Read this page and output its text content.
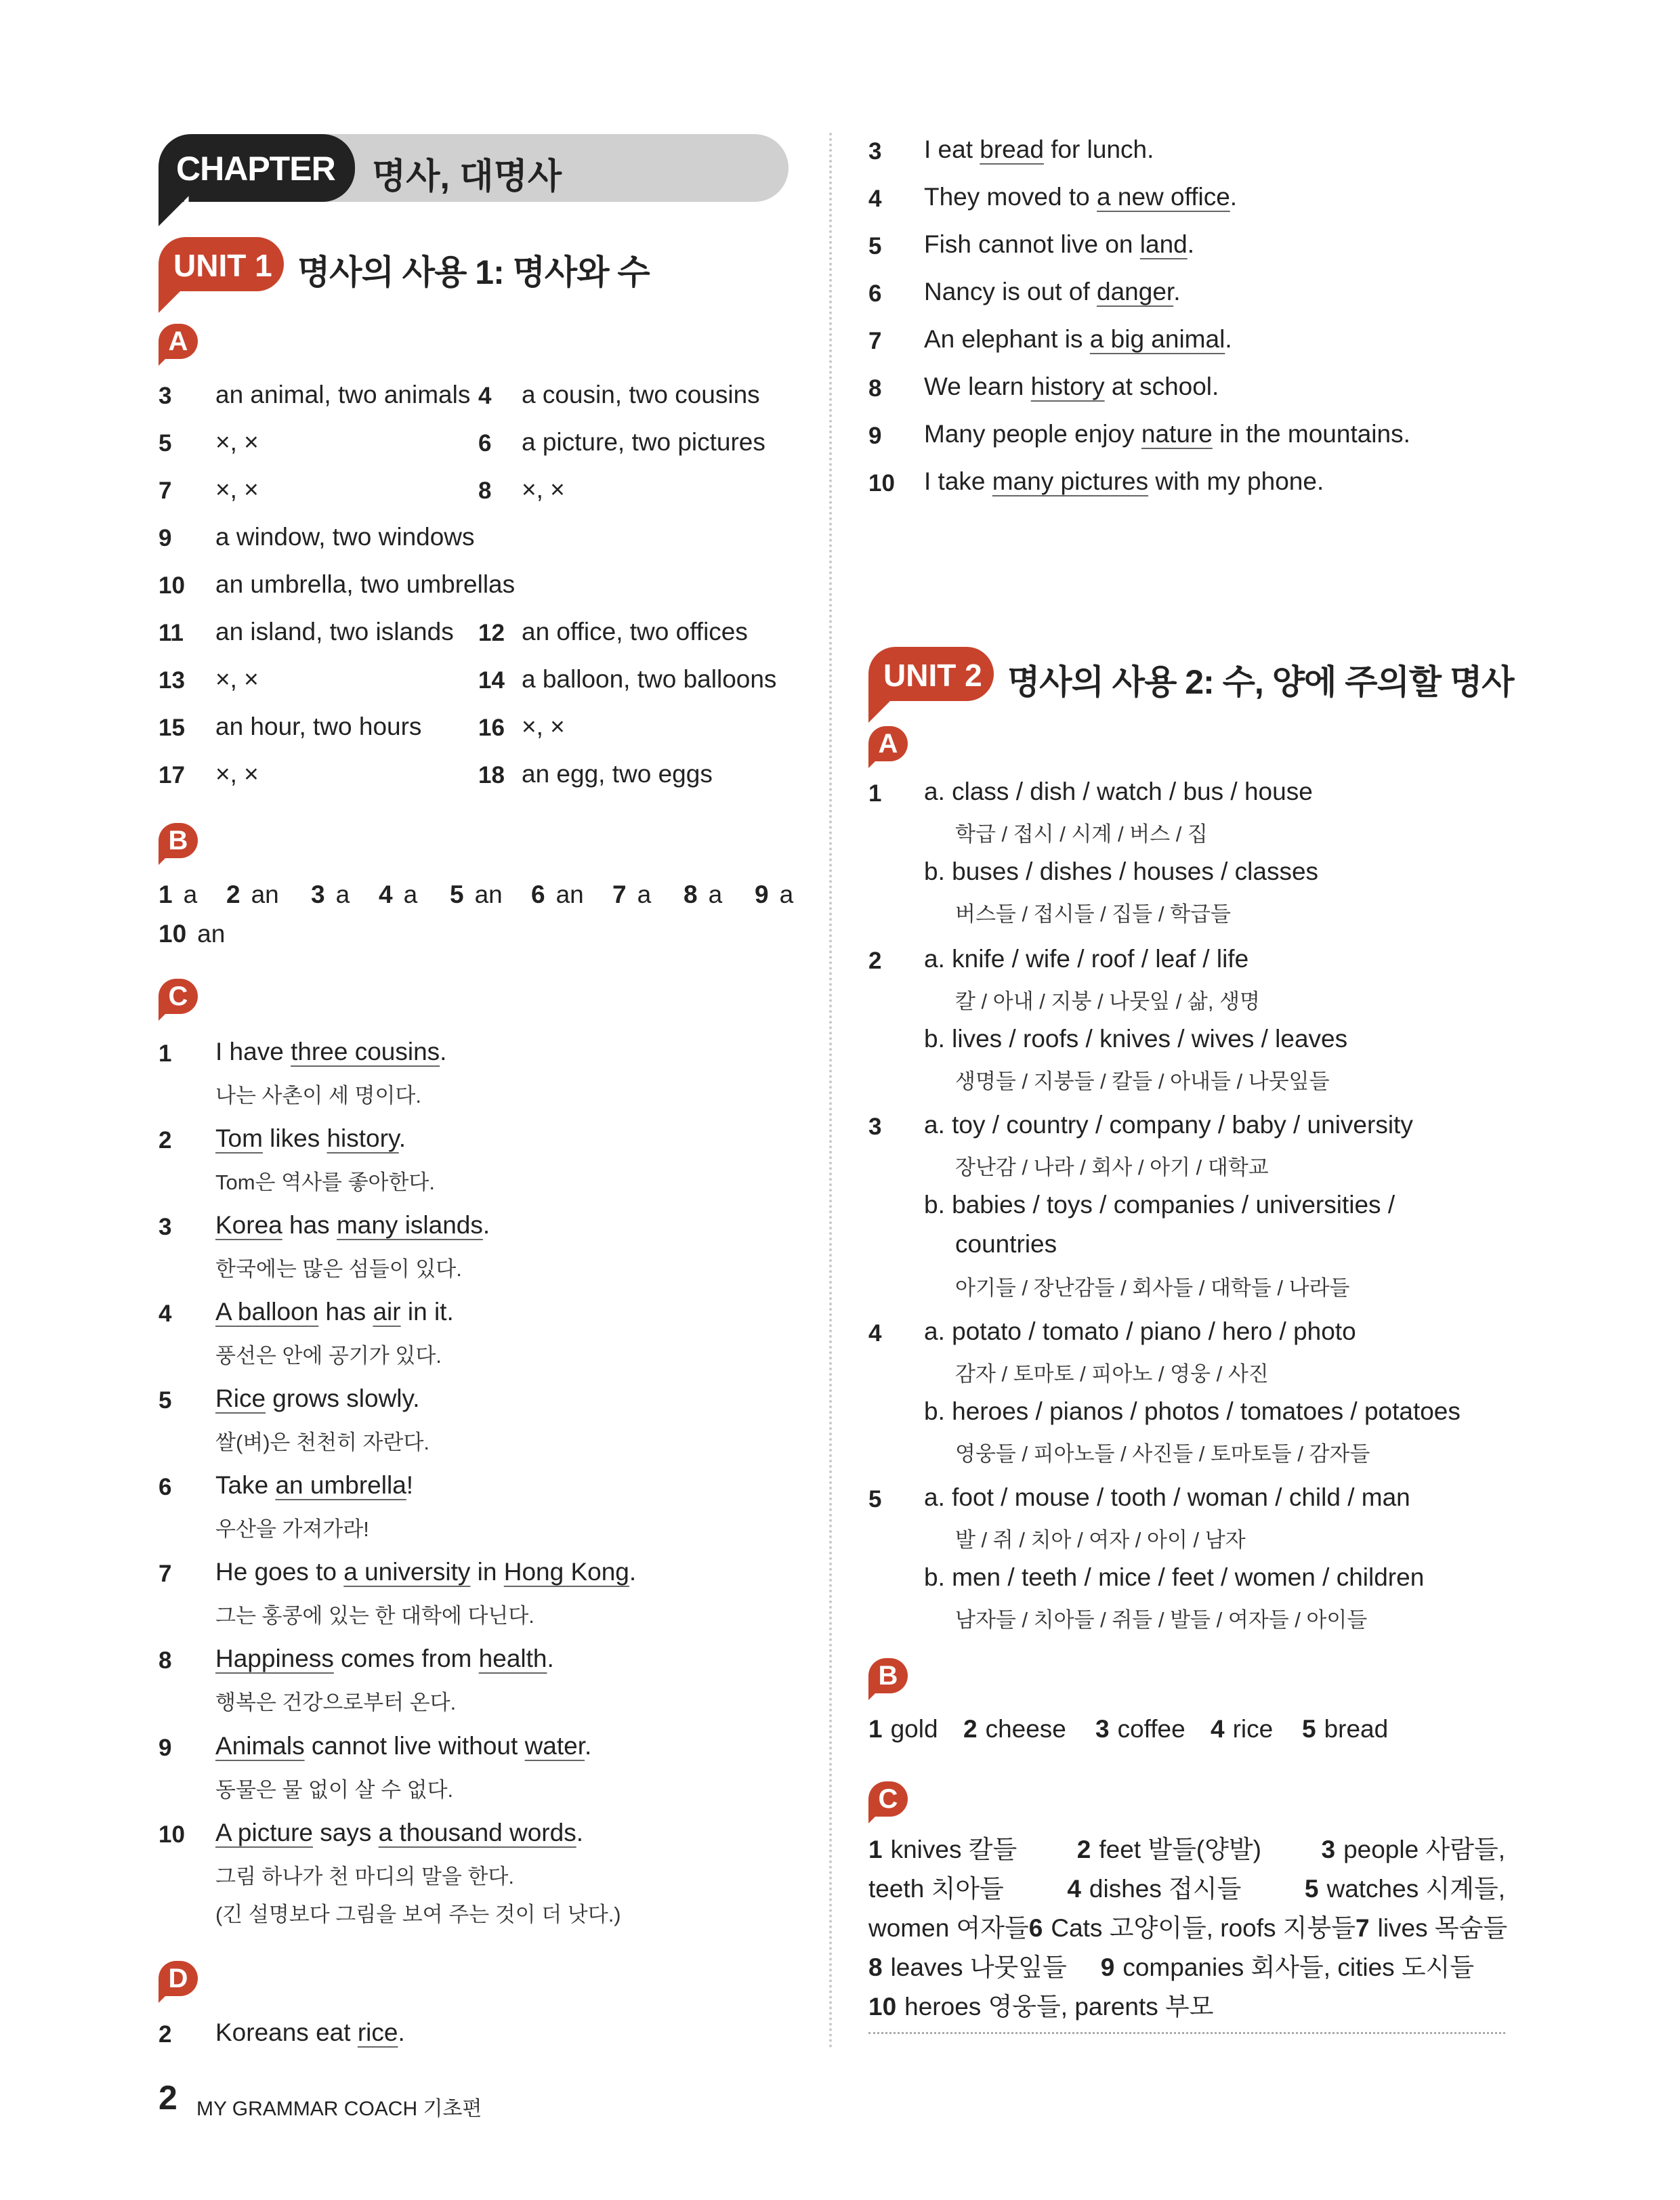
CHAPTER 1
명사, 대명사
UNIT 1 명사의 사용 1: 명사와 수
A
3 an animal, two animals 4 a cousin, two cousins
5 ×, ×	6 a picture, two pictures
7 ×, ×	8 ×, ×
9 a window, two windows
10 an umbrella, two umbrellas
11 an island, two islands 12 an office, two offices
13 ×, ×	14 a balloon, two balloons
15 an hour, two hours 16 ×, ×
17 ×, ×	18 an egg, two eggs
B
1 a 2 an 3 a 4 a 5 an 6 an 7 a 8 a 9 a
10 an
C
1 I have three cousins.
나는 사촌이 세 명이다.
2 Tom likes history.
Tom은 역사를 좋아한다.
3 Korea has many islands.
한국에는 많은 섬들이 있다.
4 A balloon has air in it.
풍선은 안에 공기가 있다.
5 Rice grows slowly.
쌀(벼)은 천천히 자란다.
6 Take an umbrella!
우산을 가져가라!
7 He goes to a university in Hong Kong.
그는 홍콩에 있는 한 대학에 다닌다.
8 Happiness comes from health.
행복은 건강으로부터 온다.
9 Animals cannot live without water.
동물은 물 없이 살 수 없다.
10 A picture says a thousand words.
그림 하나가 천 마디의 말을 한다.
(긴 설명보다 그림을 보여 주는 것이 더 낫다.)
D
2 Koreans eat rice.
3 I eat bread for lunch.
4 They moved to a new office.
5 Fish cannot live on land.
6 Nancy is out of danger.
7 An elephant is a big animal.
8 We learn history at school.
9 Many people enjoy nature in the mountains.
10 I take many pictures with my phone.
UNIT 2 명사의 사용 2: 수, 양에 주의할 명사
A
1 a. class / dish / watch / bus / house
학급 / 접시 / 시계 / 버스 / 집
b. buses / dishes / houses / classes
버스들 / 접시들 / 집들 / 학급들
2 a. knife / wife / roof / leaf / life
칼 / 아내 / 지붕 / 나뭇잎 / 삶, 생명
b. lives / roofs / knives / wives / leaves
생명들 / 지붕들 / 칼들 / 아내들 / 나뭇잎들
3 a. toy / country / company / baby / university
장난감 / 나라 / 회사 / 아기 / 대학교
b. babies / toys / companies / universities /
countries
아기들 / 장난감들 / 회사들 / 대학들 / 나라들
4 a. potato / tomato / piano / hero / photo
감자 / 토마토 / 피아노 / 영웅 / 사진
b. heroes / pianos / photos / tomatoes / potatoes
영웅들 / 피아노들 / 사진들 / 토마토들 / 감자들
5 a. foot / mouse / tooth / woman / child / man
발 / 쥐 / 치아 / 여자 / 아이 / 남자
b. men / teeth / mice / feet / women / children
남자들 / 치아들 / 쥐들 / 발들 / 여자들 / 아이들
B
1 gold 2 cheese 3 coffee 4 rice 5 bread
C
1 knives 칼들 2 feet 발들(양발) 3 people 사람들,
teeth 치아들	4 dishes 접시들	5 watches 시계들,
women 여자들 6 Cats 고양이들, roofs 지붕들 7 lives 목숨들
8 leaves 나뭇잎들 9 companies 회사들, cities 도시들
10 heroes 영웅들, parents 부모
2 MY GRAMMAR COACH 기초편
